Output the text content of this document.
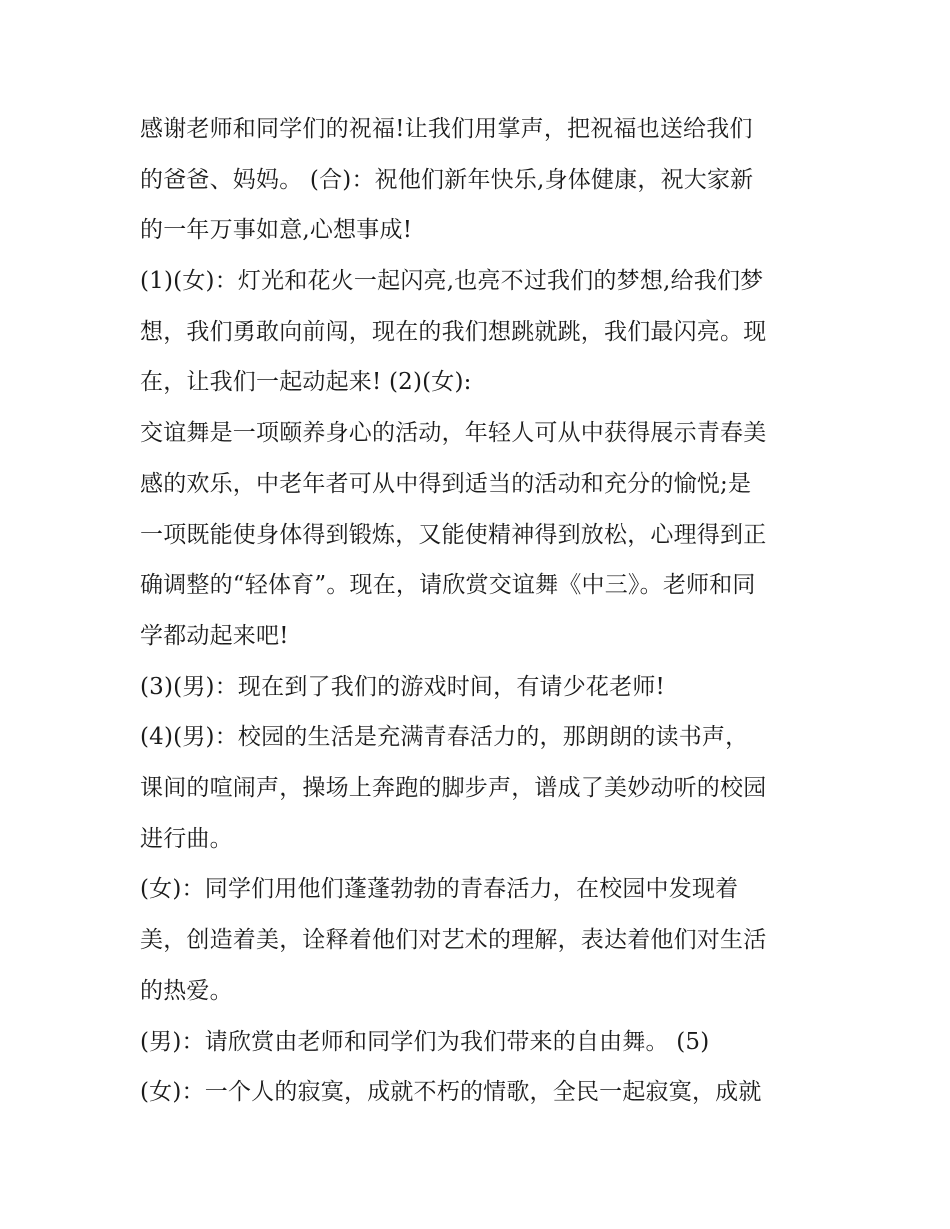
感谢老师和同学们的祝福!让我们用掌声，把祝福也送给我们
的爸爸、妈妈。 (合)：祝他们新年快乐,身体健康，祝大家新
的一年万事如意,心想事成!
(1)(女)：灯光和花火一起闪亮,也亮不过我们的梦想,给我们梦
想，我们勇敢向前闯，现在的我们想跳就跳，我们最闪亮。现
在，让我们一起动起来! (2)(女):
交谊舞是一项颐养身心的活动，年轻人可从中获得展示青春美
感的欢乐，中老年者可从中得到适当的活动和充分的愉悦;是
一项既能使身体得到锻炼，又能使精神得到放松，心理得到正
确调整的“轻体育”。现在，请欣赏交谊舞《中三》。老师和同
学都动起来吧!
(3)(男)：现在到了我们的游戏时间，有请少花老师!
(4)(男)：校园的生活是充满青春活力的，那朗朗的读书声，
课间的喧闹声，操场上奔跑的脚步声，谱成了美妙动听的校园
进行曲。
(女)：同学们用他们蓬蓬勃勃的青春活力，在校园中发现着
美，创造着美，诠释着他们对艺术的理解，表达着他们对生活
的热爱。
(男)：请欣赏由老师和同学们为我们带来的自由舞。 (5)
(女)：一个人的寂寞，成就不朽的情歌，全民一起寂寞，成就
